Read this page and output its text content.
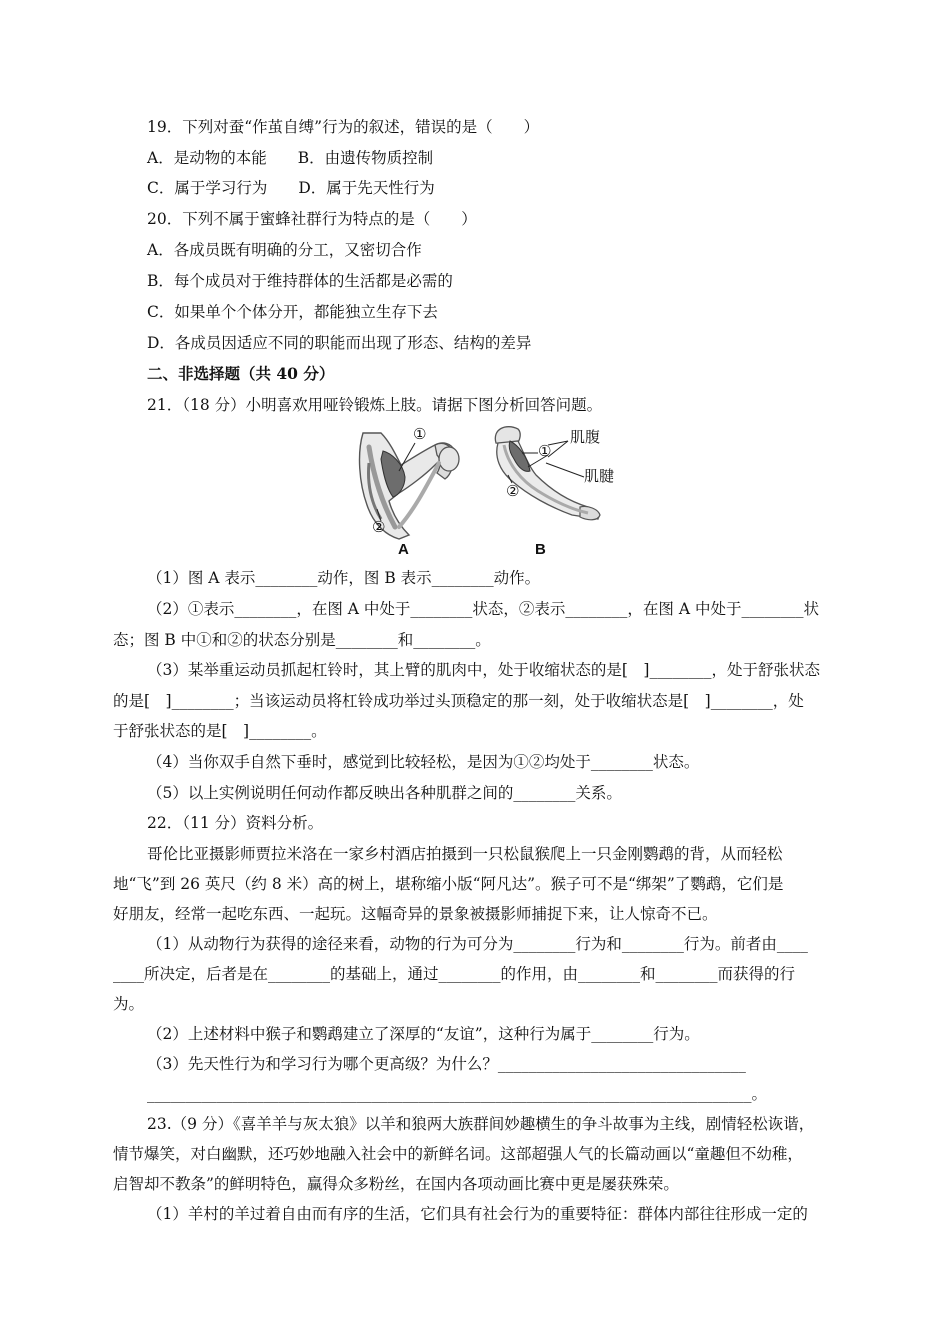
19．下列对蚕“作茧自缚”行为的叙述，错误的是（　　）
A．是动物的本能　　B．由遗传物质控制
C．属于学习行为　　D．属于先天性行为
20．下列不属于蜜蜂社群行为特点的是（　　）
A．各成员既有明确的分工，又密切合作
B．每个成员对于维持群体的生活都是必需的
C．如果单个个体分开，都能独立生存下去
D．各成员因适应不同的职能而出现了形态、结构的差异
二、非选择题（共 40 分）
21．（18 分）小明喜欢用哑铃锻炼上肢。请据下图分析回答问题。
①
②
①
②
肌腹
肌腱
A	B
（1）图 A 表示________动作，图 B 表示________动作。
（2）①表示________，在图 A 中处于________状态，②表示________，在图 A 中处于________状
态；图 B 中①和②的状态分别是________和________。
（3）某举重运动员抓起杠铃时，其上臂的肌肉中，处于收缩状态的是[　]________，处于舒张状态
的是[　]________；当该运动员将杠铃成功举过头顶稳定的那一刻，处于收缩状态是[　]________，处
于舒张状态的是[　]________。
（4）当你双手自然下垂时，感觉到比较轻松，是因为①②均处于________状态。
（5）以上实例说明任何动作都反映出各种肌群之间的________关系。
22．（11 分）资料分析。
哥伦比亚摄影师贾拉米洛在一家乡村酒店拍摄到一只松鼠猴爬上一只金刚鹦鹉的背，从而轻松
地“飞”到 26 英尺（约 8 米）高的树上，堪称缩小版“阿凡达”。猴子可不是“绑架”了鹦鹉，它们是
好朋友，经常一起吃东西、一起玩。这幅奇异的景象被摄影师捕捉下来，让人惊奇不已。
（1）从动物行为获得的途径来看，动物的行为可分为________行为和________行为。前者由____
____所决定，后者是在________的基础上，通过________的作用，由________和________而获得的行
为。
（2）上述材料中猴子和鹦鹉建立了深厚的“友谊”，这种行为属于________行为。
（3）先天性行为和学习行为哪个更高级？为什么？________________________________
______________________________________________________________________________。
23.（9 分）《喜羊羊与灰太狼》以羊和狼两大族群间妙趣横生的争斗故事为主线，剧情轻松诙谐，
情节爆笑，对白幽默，还巧妙地融入社会中的新鲜名词。这部超强人气的长篇动画以“童趣但不幼稚，
启智却不教条”的鲜明特色，赢得众多粉丝，在国内各项动画比赛中更是屡获殊荣。
（1）羊村的羊过着自由而有序的生活，它们具有社会行为的重要特征：群体内部往往形成一定的
